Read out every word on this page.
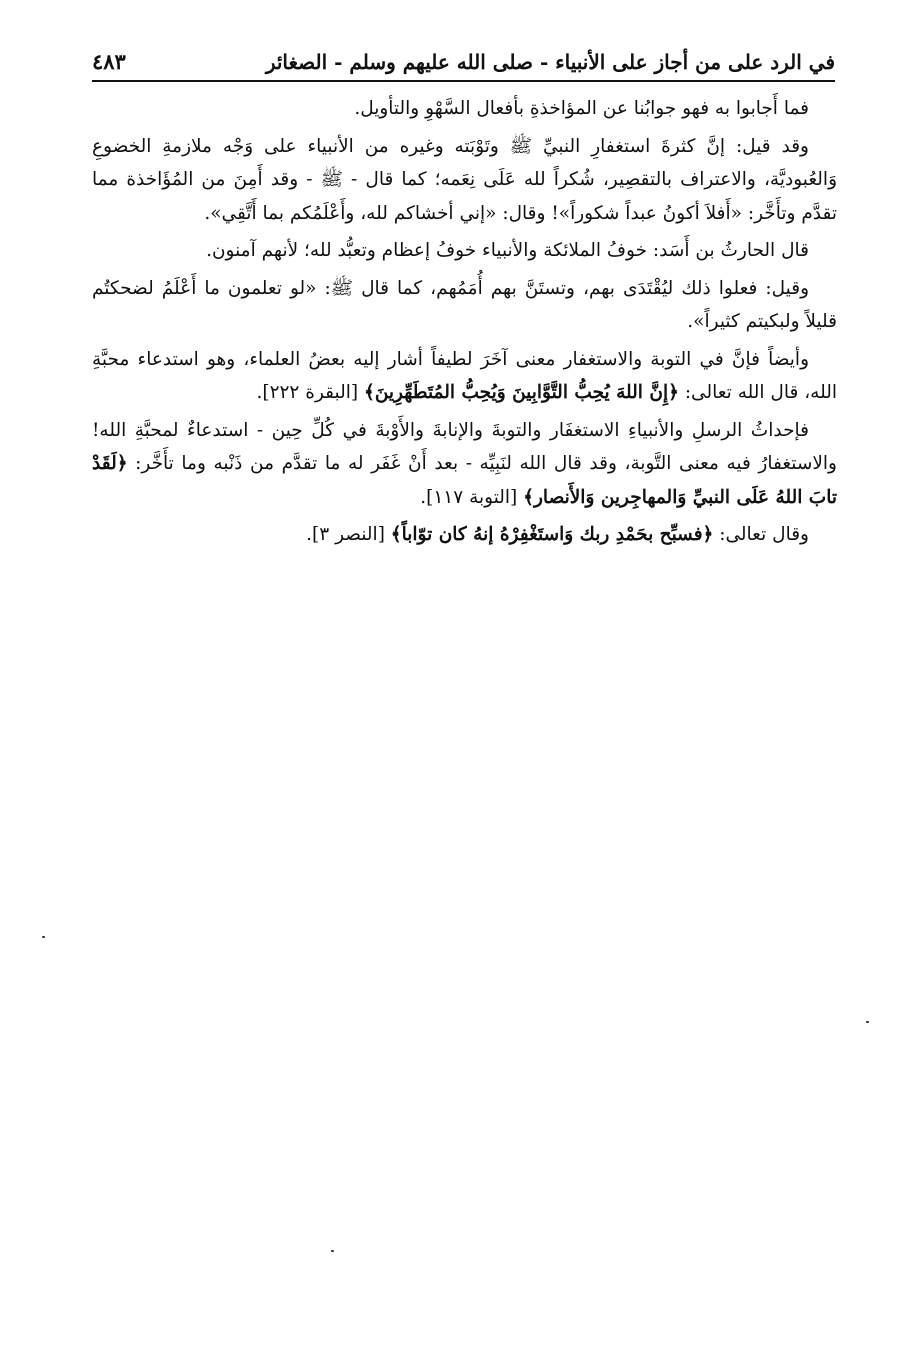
في الرد على من أجاز على الأنبياء - صلى الله عليهم وسلم - الصغائر
٤٨٣

فما أَجابوا به فهو جوابُنا عن المؤاخذةِ بأفعال السَّهْوِ والتأويل.

وقد قيل: إنَّ كثرةَ استغفارِ النبيِّ ﷺ وتَوْبَته وغيره من الأنبياء على وَجْه ملازمةِ الخضوعِ وَالعُبوديَّة، والاعتراف بالتقصِير، شُكراً لله عَلَى نِعَمه؛ كما قال - ﷺ - وقد أَمِنَ من المُؤَاخذة مما تقدَّم وتأَخَّر: «أَفلاَ أكونُ عبداً شكوراً»! وقال: «إني أخشاكم لله، وأَعْلَمُكم بما أَتَّقِي».

قال الحارثُ بن أَسَد: خوفُ الملائكة والأنبياء خوفُ إعظام وتعبُّد لله؛ لأنهم آمنون.

وقيل: فعلوا ذلك ليُقْتَدَى بهم، وتستَنَّ بهم أُمَمُهم، كما قال ﷺ: «لو تعلمون ما أَعْلَمُ لضحكتُم قليلاً ولبكيتم كثيراً».

وأيضاً فإنَّ في التوبة والاستغفار معنى آخَرَ لطيفاً أشار إليه بعضُ العلماء، وهو استدعاء محبَّةِ الله، قال الله تعالى: ﴿إِنَّ اللهَ يُحِبُّ التَّوَّابِينَ وَيُحِبُّ المُتَطَهِّرِينَ﴾ [البقرة ٢٢٢].

فإحداثُ الرسلِ والأنبياءِ الاستغفَار والتوبةَ والإنابةَ والأَوْبةَ في كُلِّ حِين - استدعاءٌ لمحبَّةِ الله! والاستغفارُ فيه معنى التَّوبة، وقد قال الله لنَبِيِّه - بعد أَنْ غَفَر له ما تقدَّم من ذَنْبه وما تأَخَّر: ﴿لَقَدْ تابَ اللهُ عَلَى النبيِّ وَالمهاجِرين وَالأَنصار﴾ [التوبة ١١٧].

وقال تعالى: ﴿فسبِّح بحَمْدِ ربك وَاستَغْفِرْهُ إنهُ كان توّاباً﴾ [النصر ٣].
